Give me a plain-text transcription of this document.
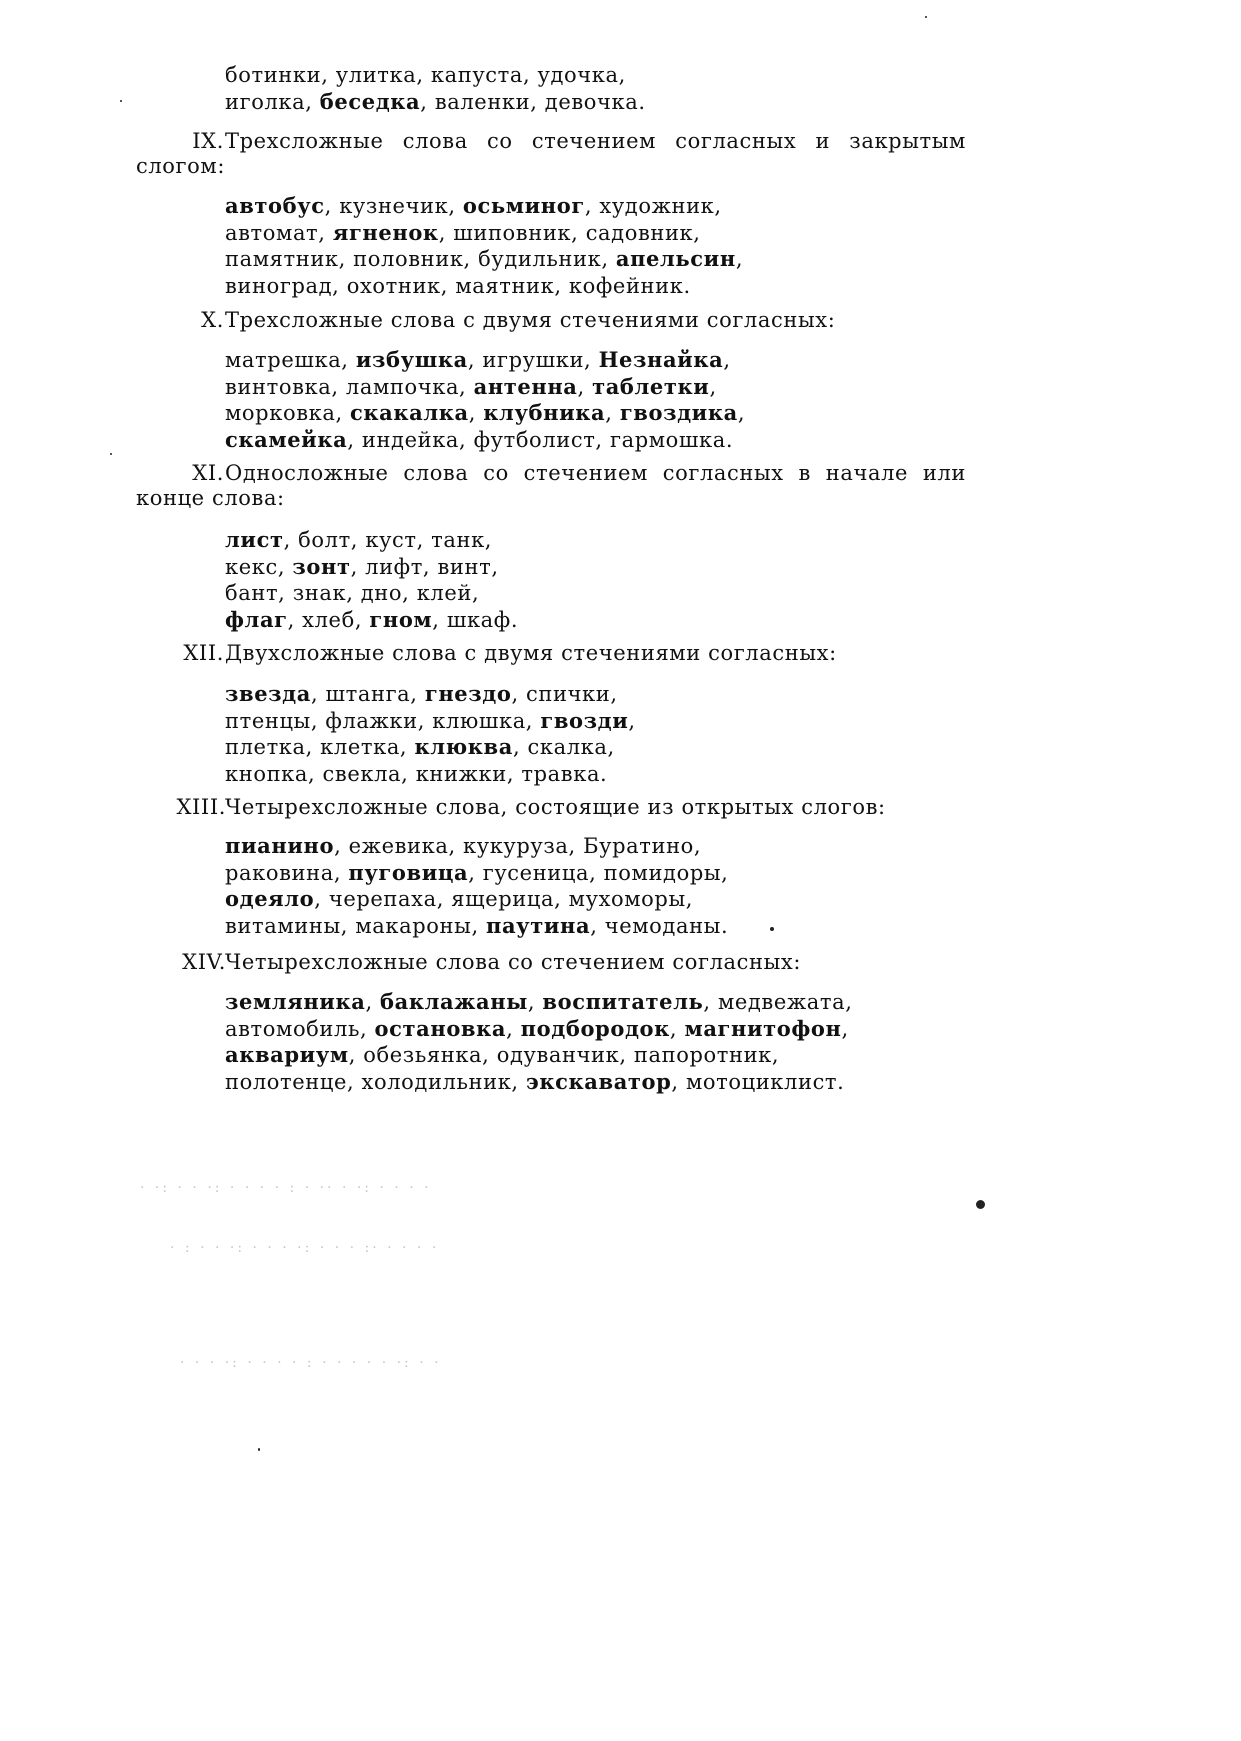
ботинки, улитка, капуста, удочка,
иголка, беседка, валенки, девочка.
IX. Трехсложные слова со стечением согласных и закрытым слогом:
автобус, кузнечик, осьминог, художник,
автомат, ягненок, шиповник, садовник,
памятник, половник, будильник, апельсин,
виноград, охотник, маятник, кофейник.
X. Трехсложные слова с двумя стечениями согласных:
матрешка, избушка, игрушки, Незнайка,
винтовка, лампочка, антенна, таблетки,
морковка, скакалка, клубника, гвоздика,
скамейка, индейка, футболист, гармошка.
XI. Односложные слова со стечением согласных в начале или конце слова:
лист, болт, куст, танк,
кекс, зонт, лифт, винт,
бант, знак, дно, клей,
флаг, хлеб, гном, шкаф.
XII. Двухсложные слова с двумя стечениями согласных:
звезда, штанга, гнездо, спички,
птенцы, флажки, клюшка, гвозди,
плетка, клетка, клюква, скалка,
кнопка, свекла, книжки, травка.
XIII. Четырехсложные слова, состоящие из открытых слогов:
пианино, ежевика, кукуруза, Буратино,
раковина, пуговица, гусеница, помидоры,
одеяло, черепаха, ящерица, мухоморы,
витамины, макароны, паутина, чемоданы.
XIV. Четырехсложные слова со стечением согласных:
земляника, баклажаны, воспитатель, медвежата,
автомобиль, остановка, подбородок, магнитофон,
аквариум, обезьянка, одуванчик, папоротник,
полотенце, холодильник, экскаватор, мотоциклист.
· ·: · · ·: · · · · : · ·· · ·: · · · ·
· : · · ·: · · · ·: · · · :· · · · ·
· · · ·: · · · · : · · · · · ·: · ·
